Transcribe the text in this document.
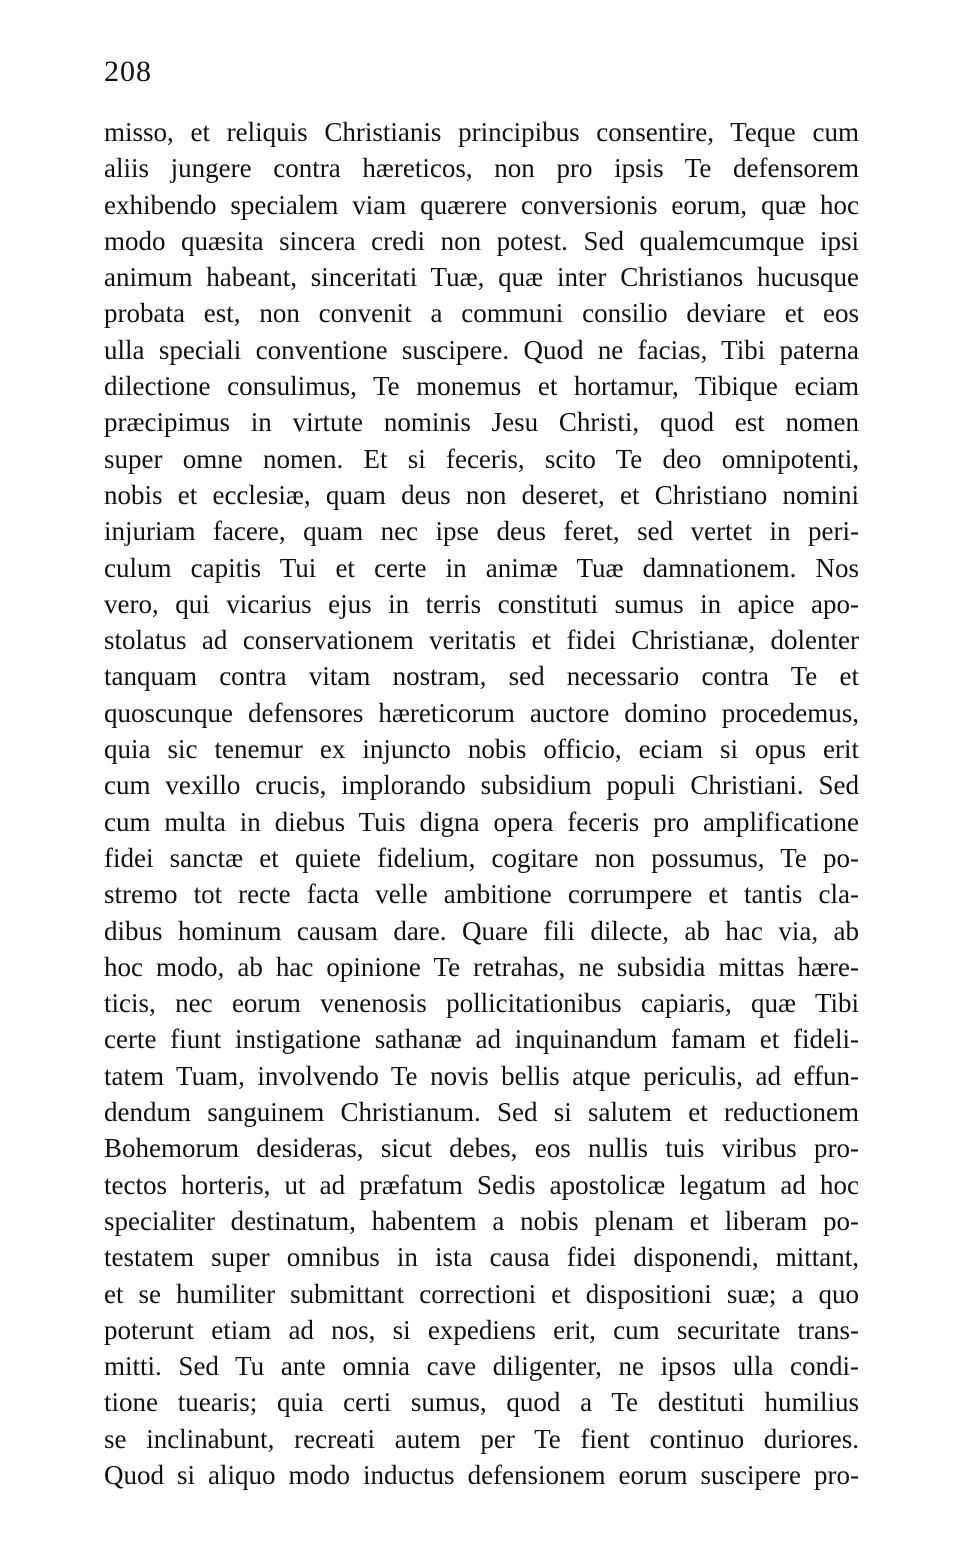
208
misso, et reliquis Christianis principibus consentire, Teque cum
aliis jungere contra hæreticos, non pro ipsis Te defensorem
exhibendo specialem viam quærere conversionis eorum, quæ hoc
modo quæsita sincera credi non potest. Sed qualemcumque ipsi
animum habeant, sinceritati Tuæ, quæ inter Christianos hucusque
probata est, non convenit a communi consilio deviare et eos
ulla speciali conventione suscipere. Quod ne facias, Tibi paterna
dilectione consulimus, Te monemus et hortamur, Tibique eciam
præcipimus in virtute nominis Jesu Christi, quod est nomen
super omne nomen. Et si feceris, scito Te deo omnipotenti,
nobis et ecclesiæ, quam deus non deseret, et Christiano nomini
injuriam facere, quam nec ipse deus feret, sed vertet in peri-
culum capitis Tui et certe in animæ Tuæ damnationem. Nos
vero, qui vicarius ejus in terris constituti sumus in apice apo-
stolatus ad conservationem veritatis et fidei Christianæ, dolenter
tanquam contra vitam nostram, sed necessario contra Te et
quoscunque defensores hæreticorum auctore domino procedemus,
quia sic tenemur ex injuncto nobis officio, eciam si opus erit
cum vexillo crucis, implorando subsidium populi Christiani. Sed
cum multa in diebus Tuis digna opera feceris pro amplificatione
fidei sanctæ et quiete fidelium, cogitare non possumus, Te po-
stremo tot recte facta velle ambitione corrumpere et tantis cla-
dibus hominum causam dare. Quare fili dilecte, ab hac via, ab
hoc modo, ab hac opinione Te retrahas, ne subsidia mittas hære-
ticis, nec eorum venenosis pollicitationibus capiaris, quæ Tibi
certe fiunt instigatione sathanæ ad inquinandum famam et fideli-
tatem Tuam, involvendo Te novis bellis atque periculis, ad effun-
dendum sanguinem Christianum. Sed si salutem et reductionem
Bohemorum desideras, sicut debes, eos nullis tuis viribus pro-
tectos horteris, ut ad præfatum Sedis apostolicæ legatum ad hoc
specialiter destinatum, habentem a nobis plenam et liberam po-
testatem super omnibus in ista causa fidei disponendi, mittant,
et se humiliter submittant correctioni et dispositioni suæ; a quo
poterunt etiam ad nos, si expediens erit, cum securitate trans-
mitti. Sed Tu ante omnia cave diligenter, ne ipsos ulla condi-
tione tuearis; quia certi sumus, quod a Te destituti humilius
se inclinabunt, recreati autem per Te fient continuo duriores.
Quod si aliquo modo inductus defensionem eorum suscipere pro-
